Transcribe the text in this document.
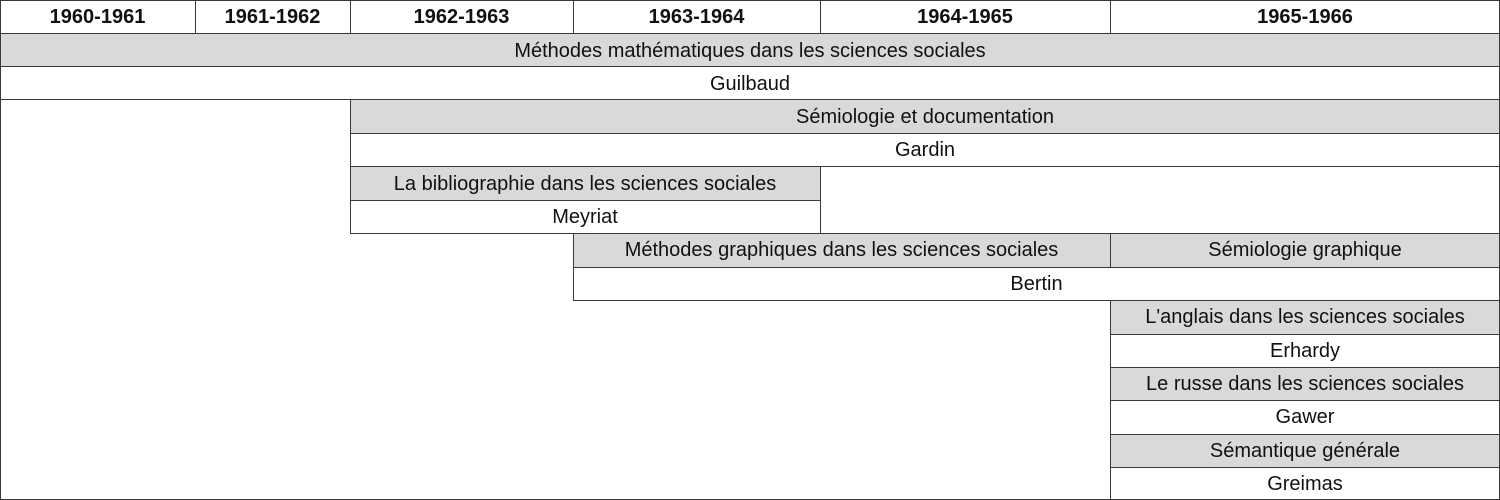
Méthodes mathématiques dans les sciences sociales
Guilbaud
Sémiologie et documentation
Gardin
La bibliographie dans les sciences sociales
Meyriat
Méthodes graphiques dans les sciences sociales	Sémiologie graphique
Bertin
L'anglais dans les sciences sociales
Erhardy
Le russe dans les sciences sociales
Gawer
Sémantique générale
Greimas
1960-1961	1961-1962	1962-1963	1963-1964	1964-1965	1965-1966
